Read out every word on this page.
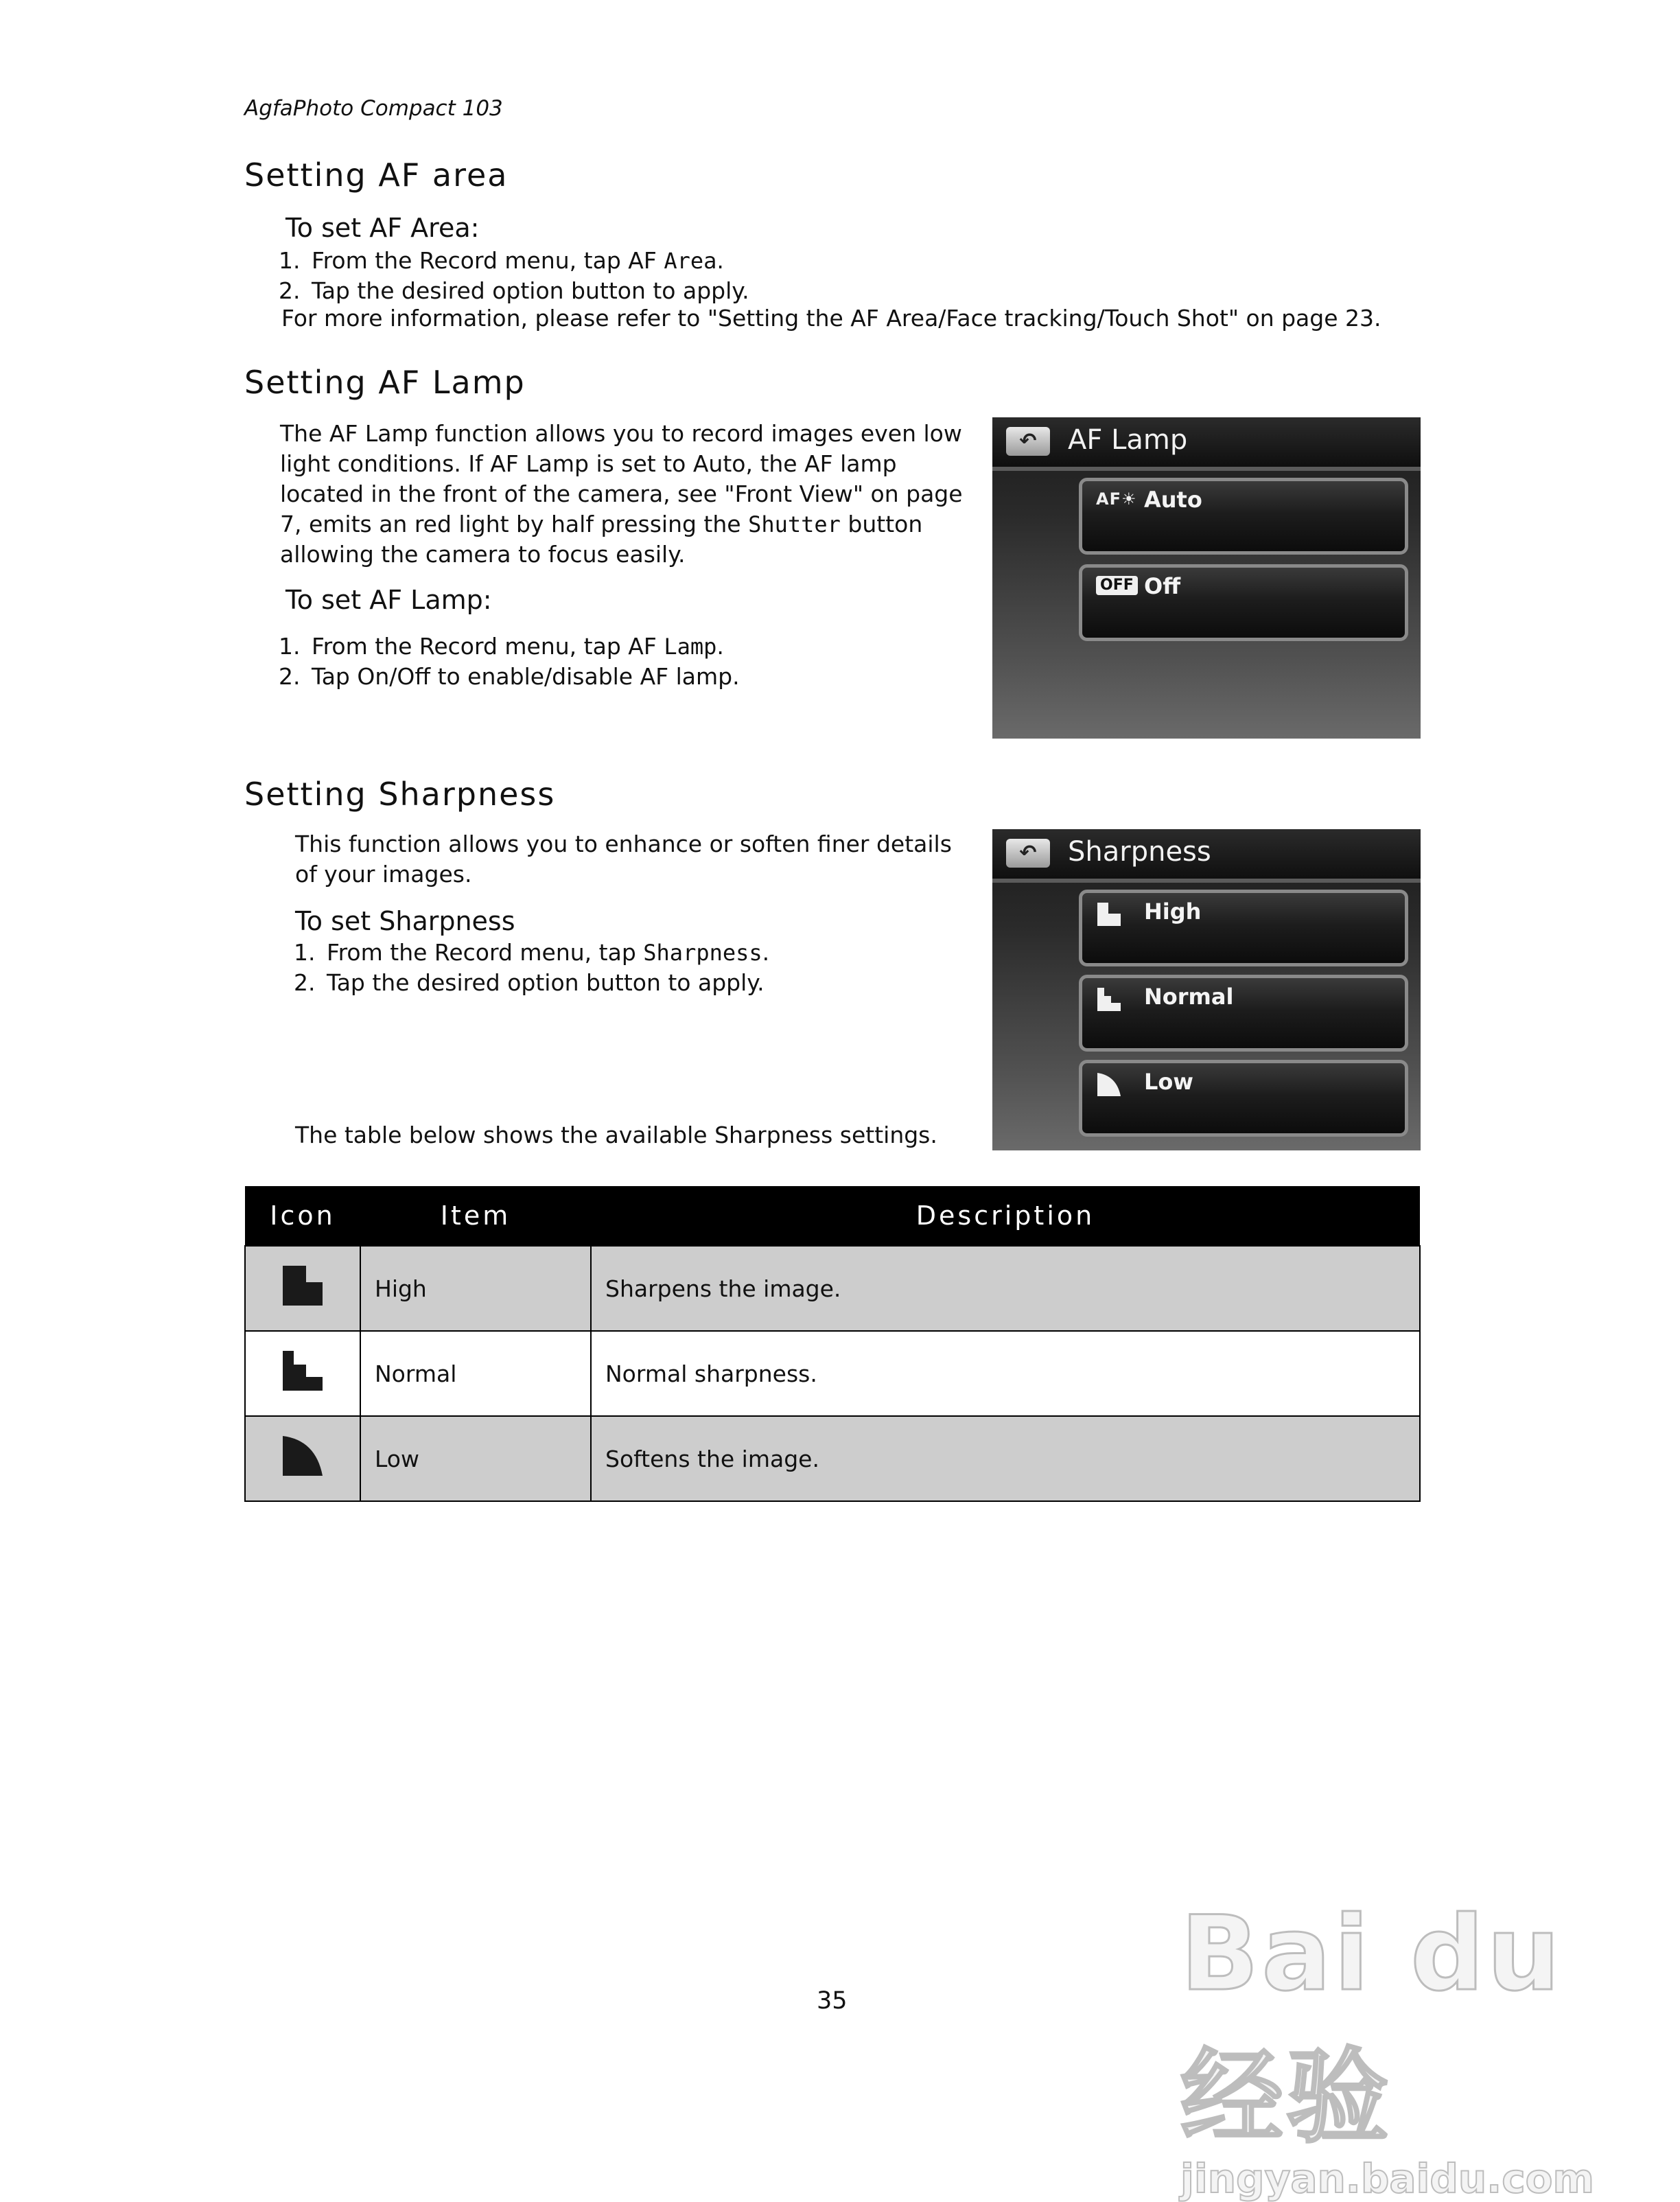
AgfaPhoto Compact 103
Setting AF area
To set AF Area:
1. From the Record menu, tap AF Area.
2. Tap the desired option button to apply.
For more information, please refer to "Setting the AF Area/Face tracking/Touch Shot" on page 23.
Setting AF Lamp
The AF Lamp function allows you to record images even low light conditions. If AF Lamp is set to Auto, the AF lamp located in the front of the camera, see "Front View" on page 7, emits an red light by half pressing the Shutter button allowing the camera to focus easily.
To set AF Lamp:
1. From the Record menu, tap AF Lamp.
2. Tap On/Off to enable/disable AF lamp.
↶	AF Lamp
AF☀ Auto
OFF Off
Setting Sharpness
This function allows you to enhance or soften finer details of your images.
To set Sharpness
1. From the Record menu, tap Sharpness.
2. Tap the desired option button to apply.
The table below shows the available Sharpness settings.
↶	Sharpness
High
Normal
Low
Icon	Item	Description
	High	Sharpens the image.
	Normal	Normal sharpness.
	Low	Softens the image.
35	Bai du 经验
jingyan.baidu.com
